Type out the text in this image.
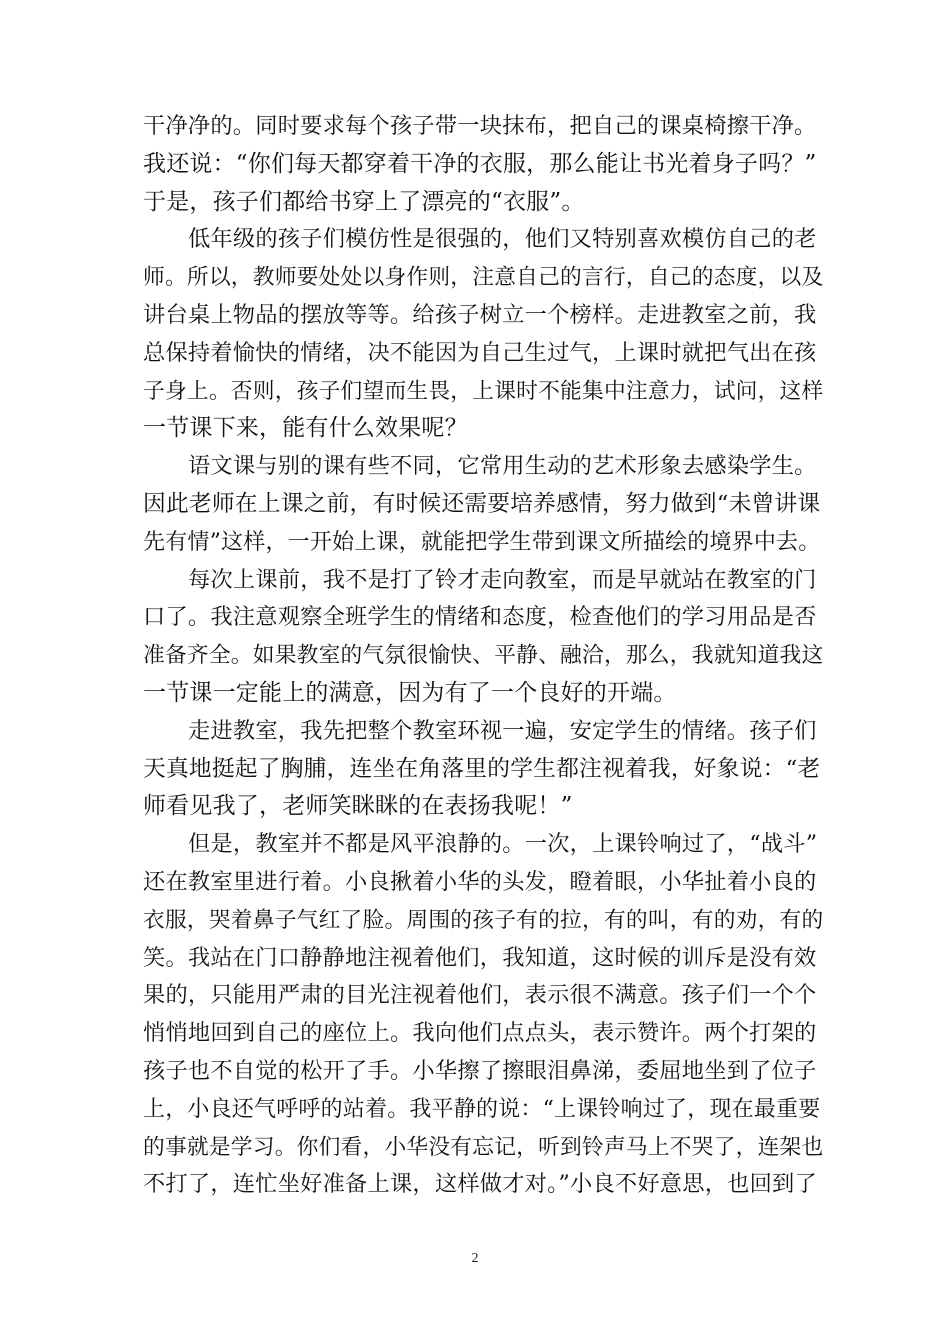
干净净的。同时要求每个孩子带一块抹布，把自己的课桌椅擦干净。
我还说：“你们每天都穿着干净的衣服，那么能让书光着身子吗？”
于是，孩子们都给书穿上了漂亮的“衣服”。
低年级的孩子们模仿性是很强的，他们又特别喜欢模仿自己的老
师。所以，教师要处处以身作则，注意自己的言行，自己的态度，以及
讲台桌上物品的摆放等等。给孩子树立一个榜样。走进教室之前，我
总保持着愉快的情绪，决不能因为自己生过气，上课时就把气出在孩
子身上。否则，孩子们望而生畏，上课时不能集中注意力，试问，这样
一节课下来，能有什么效果呢？
语文课与别的课有些不同，它常用生动的艺术形象去感染学生。
因此老师在上课之前，有时候还需要培养感情，努力做到“未曾讲课
先有情”这样，一开始上课，就能把学生带到课文所描绘的境界中去。
每次上课前，我不是打了铃才走向教室，而是早就站在教室的门
口了。我注意观察全班学生的情绪和态度，检查他们的学习用品是否
准备齐全。如果教室的气氛很愉快、平静、融洽，那么，我就知道我这
一节课一定能上的满意，因为有了一个良好的开端。
走进教室，我先把整个教室环视一遍，安定学生的情绪。孩子们
天真地挺起了胸脯，连坐在角落里的学生都注视着我，好象说：“老
师看见我了，老师笑眯眯的在表扬我呢！”
但是，教室并不都是风平浪静的。一次，上课铃响过了，“战斗”
还在教室里进行着。小良揪着小华的头发，瞪着眼，小华扯着小良的
衣服，哭着鼻子气红了脸。周围的孩子有的拉，有的叫，有的劝，有的
笑。我站在门口静静地注视着他们，我知道，这时候的训斥是没有效
果的，只能用严肃的目光注视着他们，表示很不满意。孩子们一个个
悄悄地回到自己的座位上。我向他们点点头，表示赞许。两个打架的
孩子也不自觉的松开了手。小华擦了擦眼泪鼻涕，委屈地坐到了位子
上，小良还气呼呼的站着。我平静的说：“上课铃响过了，现在最重要
的事就是学习。你们看，小华没有忘记，听到铃声马上不哭了，连架也
不打了，连忙坐好准备上课，这样做才对。”小良不好意思，也回到了
2
